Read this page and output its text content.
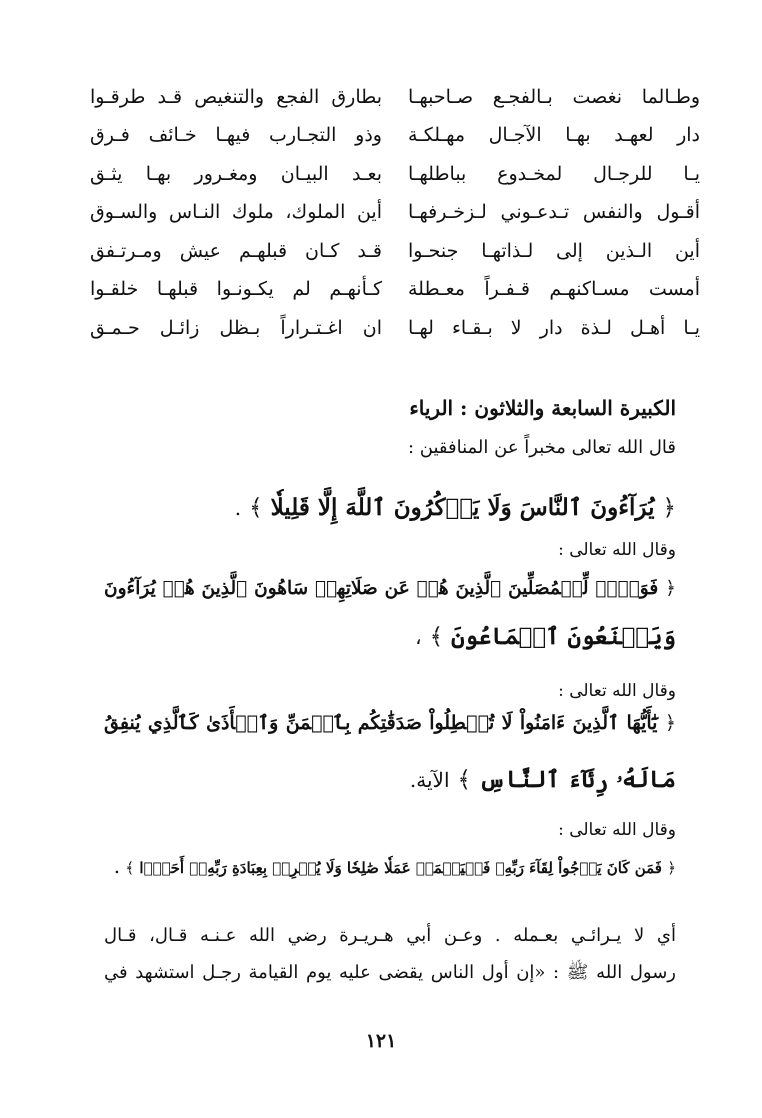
وطـالما نغصت بـالفجـع صـاحبهـا
بطارق الفجع والتنغيص قـد طرقـوا
دار لعهـد بهـا الآجـال مهـلكـة
وذو التجـارب فيهـا خـائف فـرق
يـا للرجـال لمخـدوع بباطلهـا
بعـد البيـان ومغـرور بهـا يثـق
أقـول والنفس تـدعـوني لـزخـرفهـا
أين الملوك، ملوك النـاس والسـوق
أين الـذين إلى لـذاتهـا جنحـوا
قـد كـان قبلهـم عيش ومـرتـفق
أمست مسـاكنهـم قـفـراً معـطلة
كـأنهـم لم يكـونـوا قبلهـا خلقـوا
يـا أهـل لـذة دار لا بـقـاء لهـا
ان اغـتـراراً بـظل زائـل حـمـق
الكبيرة السابعة والثلاثون : الرياء
قال الله تعالى مخبراً عن المنافقين :
﴿ يُرَآءُونَ ٱلنَّاسَ وَلَا يَذۡكُرُونَ ٱللَّهَ إِلَّا قَلِيلٗا ﴾ .
وقال الله تعالى :
﴿ فَوَيۡلٞ لِّلۡمُصَلِّينَ ٱلَّذِينَ هُمۡ عَن صَلَاتِهِمۡ سَاهُونَ ٱلَّذِينَ هُمۡ يُرَآءُونَ
وَيَمۡنَعُونَ ٱلۡمَاعُونَ ﴾ ،
وقال الله تعالى :
﴿ يَٰٓأَيُّهَا ٱلَّذِينَ ءَامَنُواْ لَا تُبۡطِلُواْ صَدَقَٰتِكُم بِٱلۡمَنِّ وَٱلۡأَذَىٰ كَٱلَّذِي يُنفِقُ
مَالَهُۥ رِئَآءَ ٱلنَّاسِ ﴾ الآية.
وقال الله تعالى :
﴿ فَمَن كَانَ يَرۡجُواْ لِقَآءَ رَبِّهِۦ فَلۡيَعۡمَلۡ عَمَلٗا صَٰلِحٗا وَلَا يُشۡرِكۡ بِعِبَادَةِ رَبِّهِۦٓ أَحَدَۢا ﴾ .
أي لا يـرائـي بعـمله . وعـن أبي هـريـرة رضي الله عـنـه قـال، قـال
رسول الله ﷺ : «إن أول الناس يقضى عليه يوم القيامة رجـل استشهد في
١٢١
